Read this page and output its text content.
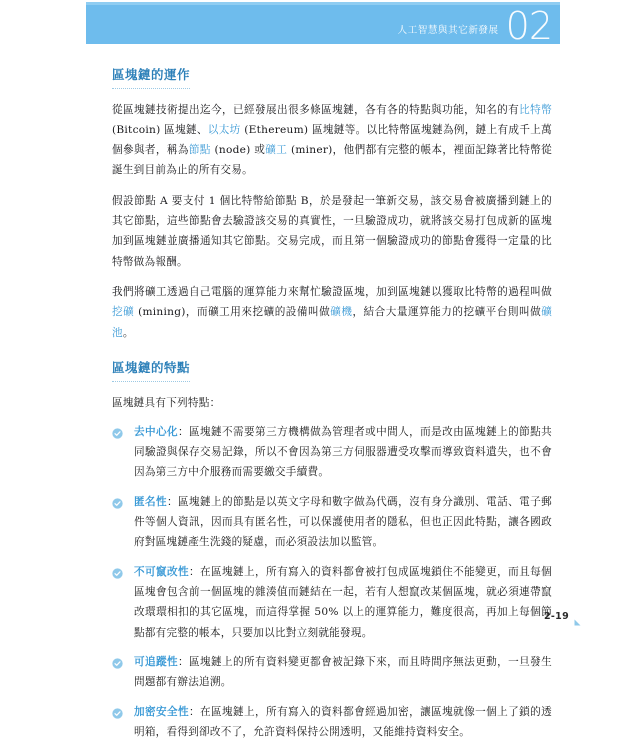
人工智慧與其它新發展 02
區塊鏈的運作

從區塊鏈技術提出迄今，已經發展出很多條區塊鏈，各有各的特點與功能，知名的有比特幣 (Bitcoin) 區塊鏈、以太坊 (Ethereum) 區塊鏈等。以比特幣區塊鏈為例，鏈上有成千上萬個參與者，稱為節點 (node) 或礦工 (miner)，他們都有完整的帳本，裡面記錄著比特幣從誕生到目前為止的所有交易。

假設節點 A 要支付 1 個比特幣給節點 B，於是發起一筆新交易，該交易會被廣播到鏈上的其它節點，這些節點會去驗證該交易的真實性，一旦驗證成功，就將該交易打包成新的區塊加到區塊鏈並廣播通知其它節點。交易完成，而且第一個驗證成功的節點會獲得一定量的比特幣做為報酬。

我們將礦工透過自己電腦的運算能力來幫忙驗證區塊，加到區塊鏈以獲取比特幣的過程叫做挖礦 (mining)，而礦工用來挖礦的設備叫做礦機，結合大量運算能力的挖礦平台則叫做礦池。

區塊鏈的特點

區塊鏈具有下列特點：

去中心化：區塊鏈不需要第三方機構做為管理者或中間人，而是改由區塊鏈上的節點共同驗證與保存交易記錄，所以不會因為第三方伺服器遭受攻擊而導致資料遺失，也不會因為第三方中介服務而需要繳交手續費。
匿名性：區塊鏈上的節點是以英文字母和數字做為代碼，沒有身分識別、電話、電子郵件等個人資訊，因而具有匿名性，可以保護使用者的隱私，但也正因此特點，讓各國政府對區塊鏈產生洗錢的疑慮，而必須設法加以監管。
不可竄改性：在區塊鏈上，所有寫入的資料都會被打包成區塊鎖住不能變更，而且每個區塊會包含前一個區塊的雜湊值而鏈結在一起，若有人想竄改某個區塊，就必須連帶竄改環環相扣的其它區塊，而這得掌握 50% 以上的運算能力，難度很高，再加上每個節點都有完整的帳本，只要加以比對立刻就能發現。
可追蹤性：區塊鏈上的所有資料變更都會被記錄下來，而且時間序無法更動，一旦發生問題都有辦法追溯。
加密安全性：在區塊鏈上，所有寫入的資料都會經過加密，讓區塊就像一個上了鎖的透明箱，看得到卻改不了，允許資料保持公開透明，又能維持資料安全。
2-19
